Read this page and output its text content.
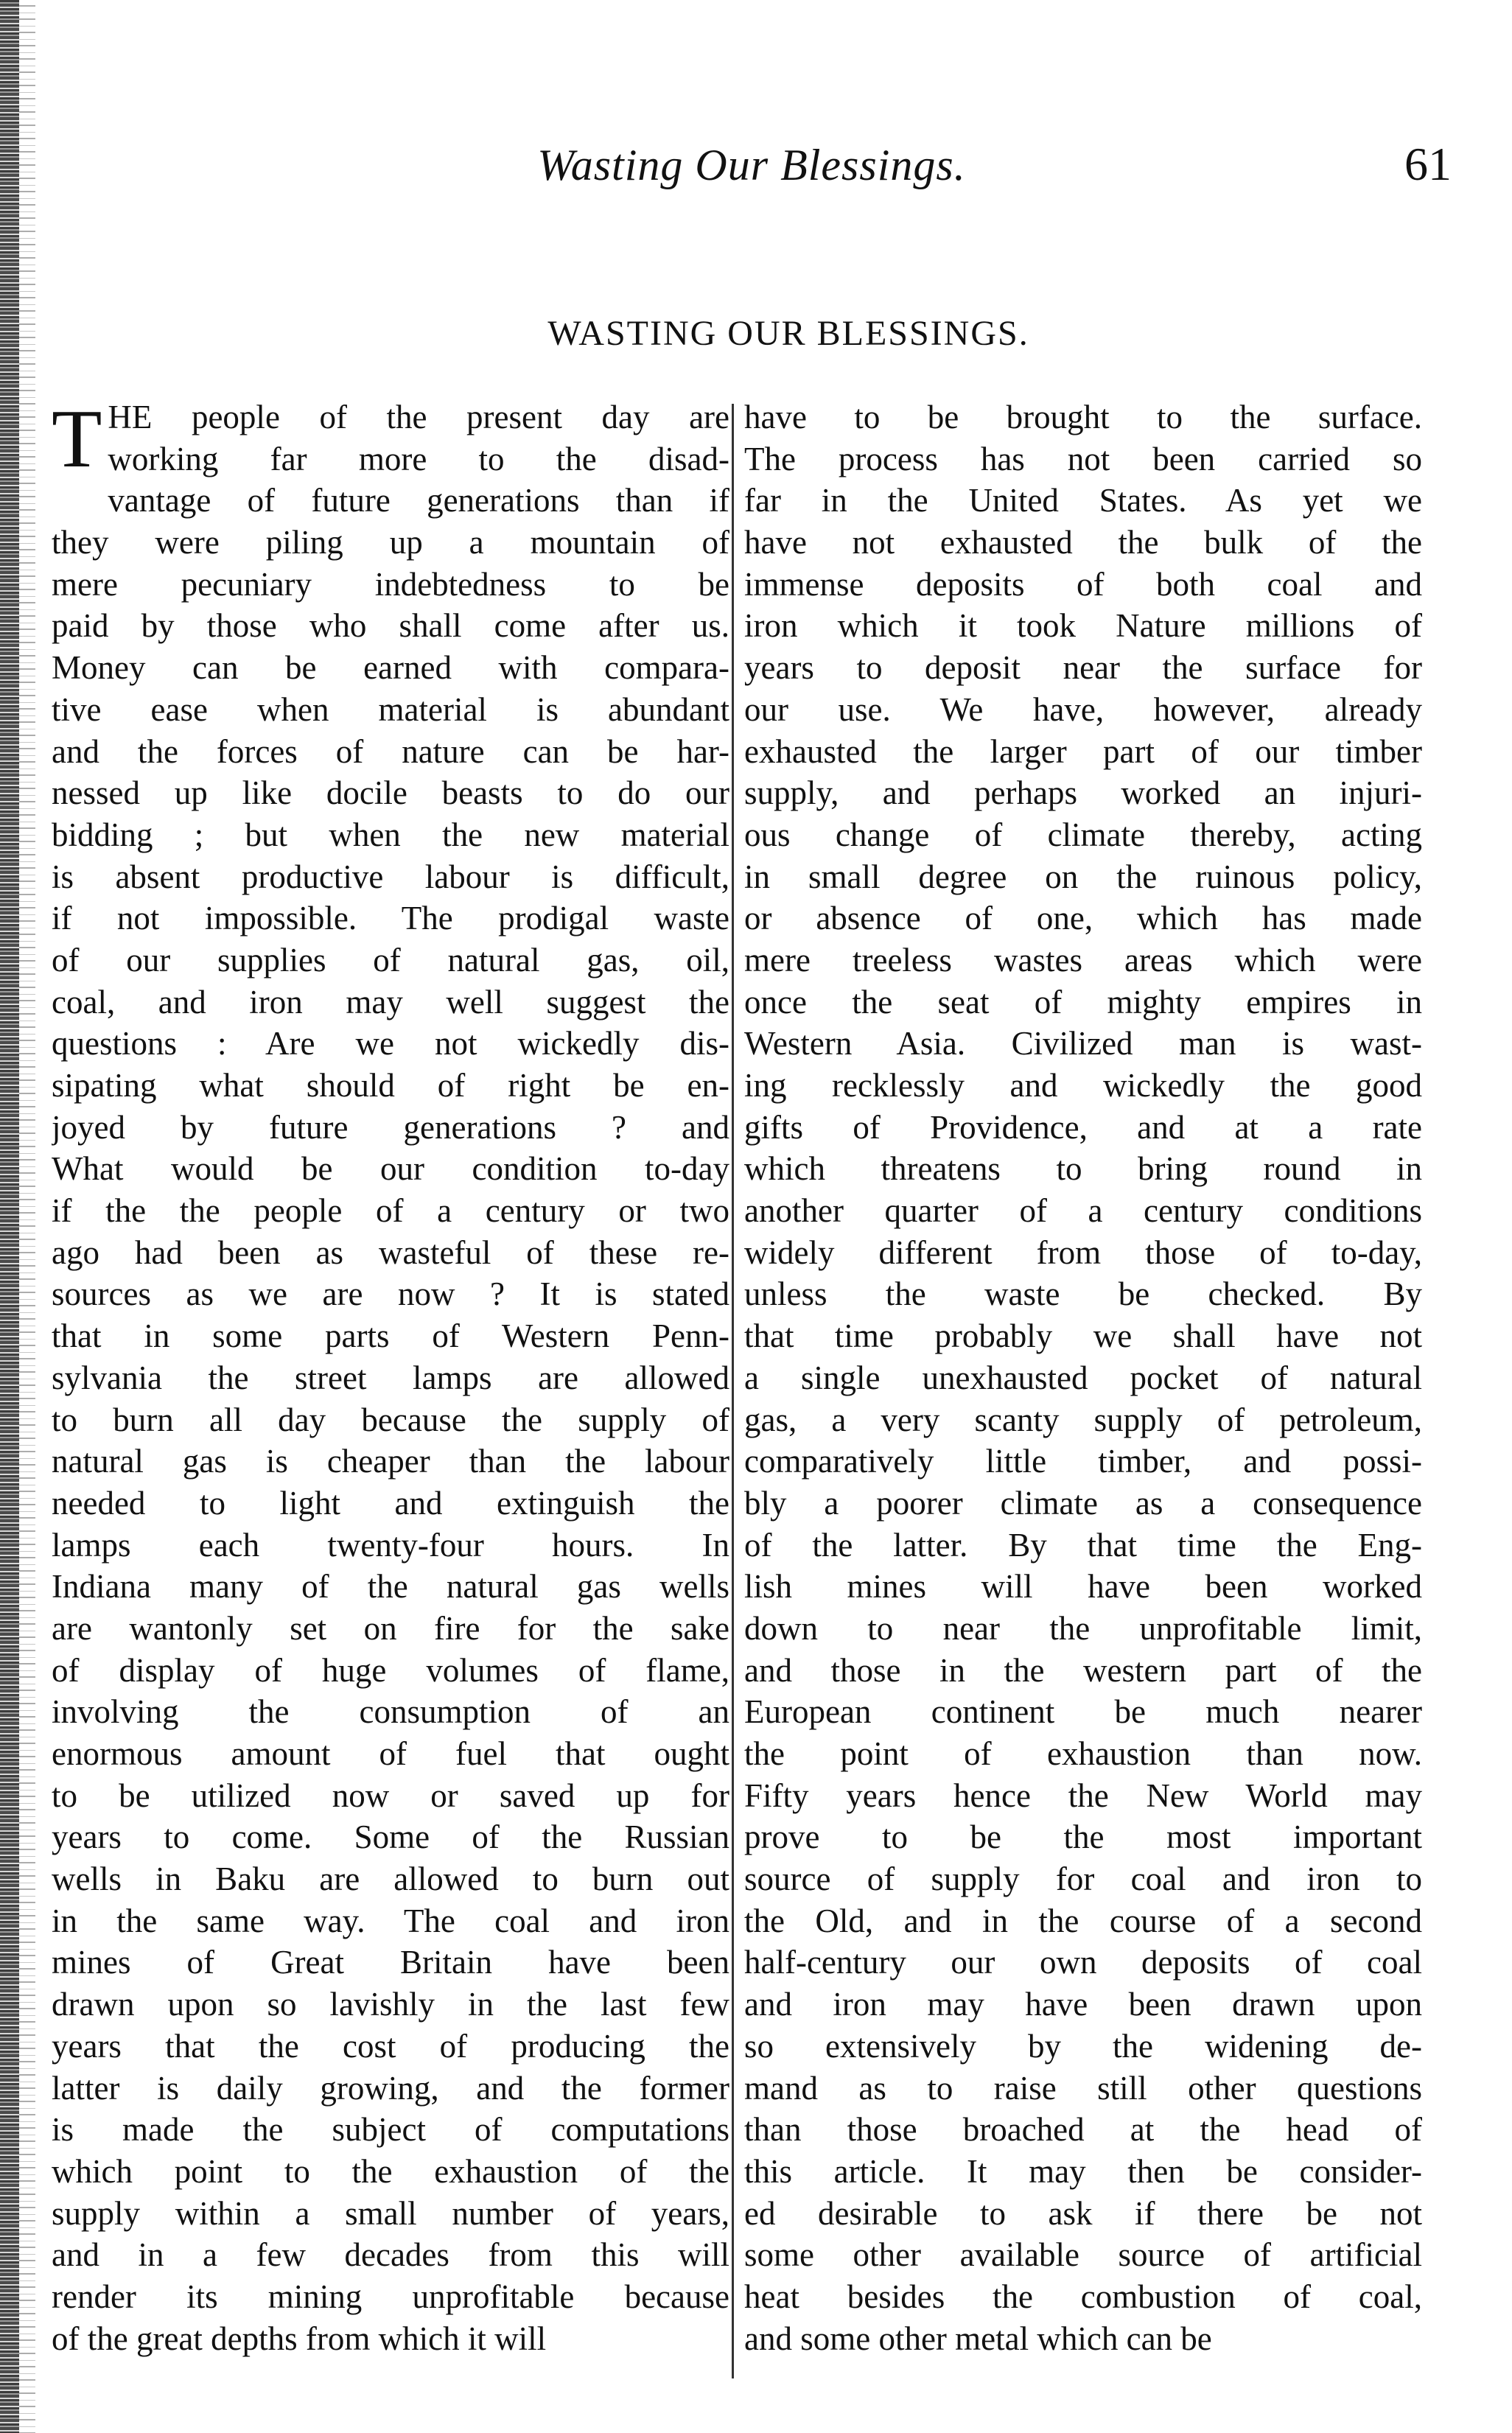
Wasting Our Blessings.	61
WASTING OUR BLESSINGS.
T HE people of the present day are
working far more to the disad-
vantage of future generations than if
they were piling up a mountain of
mere pecuniary indebtedness to be
paid by those who shall come after us.
Money can be earned with compara-
tive ease when material is abundant
and the forces of nature can be har-
nessed up like docile beasts to do our
bidding ; but when the new material
is absent productive labour is difficult,
if not impossible. The prodigal waste
of our supplies of natural gas, oil,
coal, and iron may well suggest the
questions : Are we not wickedly dis-
sipating what should of right be en-
joyed by future generations ? and
What would be our condition to-day
if the the people of a century or two
ago had been as wasteful of these re-
sources as we are now ? It is stated
that in some parts of Western Penn-
sylvania the street lamps are allowed
to burn all day because the supply of
natural gas is cheaper than the labour
needed to light and extinguish the
lamps each twenty-four hours. In
Indiana many of the natural gas wells
are wantonly set on fire for the sake
of display of huge volumes of flame,
involving the consumption of an
enormous amount of fuel that ought
to be utilized now or saved up for
years to come. Some of the Russian
wells in Baku are allowed to burn out
in the same way. The coal and iron
mines of Great Britain have been
drawn upon so lavishly in the last few
years that the cost of producing the
latter is daily growing, and the former
is made the subject of computations
which point to the exhaustion of the
supply within a small number of years,
and in a few decades from this will
render its mining unprofitable because
of the great depths from which it will
have to be brought to the surface.
The process has not been carried so
far in the United States. As yet we
have not exhausted the bulk of the
immense deposits of both coal and
iron which it took Nature millions of
years to deposit near the surface for
our use. We have, however, already
exhausted the larger part of our timber
supply, and perhaps worked an injuri-
ous change of climate thereby, acting
in small degree on the ruinous policy,
or absence of one, which has made
mere treeless wastes areas which were
once the seat of mighty empires in
Western Asia. Civilized man is wast-
ing recklessly and wickedly the good
gifts of Providence, and at a rate
which threatens to bring round in
another quarter of a century conditions
widely different from those of to-day,
unless the waste be checked. By
that time probably we shall have not
a single unexhausted pocket of natural
gas, a very scanty supply of petroleum,
comparatively little timber, and possi-
bly a poorer climate as a consequence
of the latter. By that time the Eng-
lish mines will have been worked
down to near the unprofitable limit,
and those in the western part of the
European continent be much nearer
the point of exhaustion than now.
Fifty years hence the New World may
prove to be the most important
source of supply for coal and iron to
the Old, and in the course of a second
half-century our own deposits of coal
and iron may have been drawn upon
so extensively by the widening de-
mand as to raise still other questions
than those broached at the head of
this article. It may then be consider-
ed desirable to ask if there be not
some other available source of artificial
heat besides the combustion of coal,
and some other metal which can be
